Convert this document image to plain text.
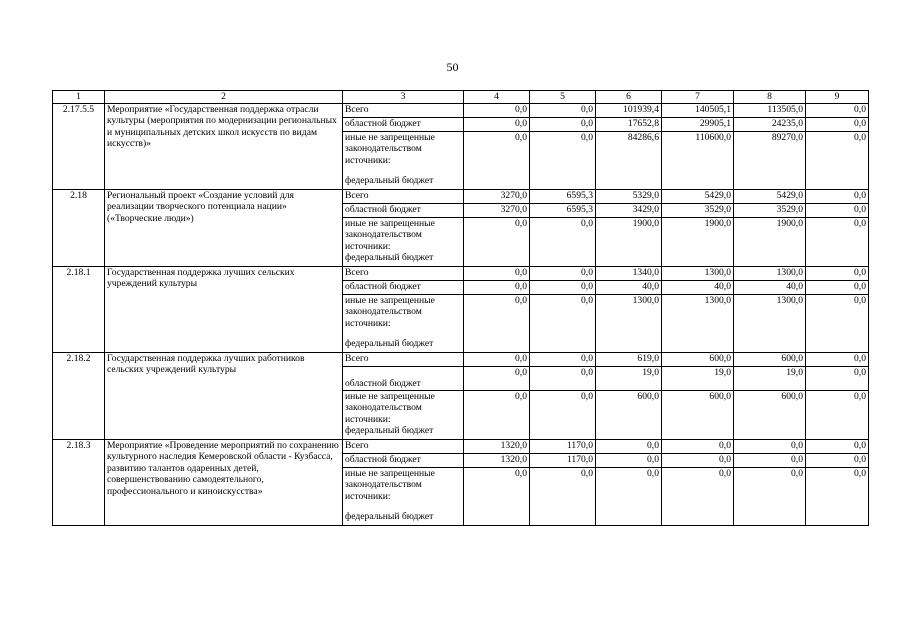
50
1	2	3	4	5	6	7	8	9
2.17.5.5	Мероприятие «Государственная поддержка отрасли культуры (мероприятия по модернизации региональных и муниципальных детских школ искусств по видам искусств)»	Всего	0,0	0,0	101939,4	140505,1	113505,0	0,0
		областной бюджет	0,0	0,0	17652,8	29905,1	24235,0	0,0
		иные не запрещенные законодательством источники:	0,0	0,0	84286,6	110600,0	89270,0	0,0
		федеральный бюджет						
2.18	Региональный проект «Создание условий для реализации творческого потенциала нации» («Творческие люди»)	Всего	3270,0	6595,3	5329,0	5429,0	5429,0	0,0
		областной бюджет	3270,0	6595,3	3429,0	3529,0	3529,0	0,0
		иные не запрещенные законодательством источники:	0,0	0,0	1900,0	1900,0	1900,0	0,0
		федеральный бюджет						
2.18.1	Государственная поддержка лучших сельских учреждений культуры	Всего	0,0	0,0	1340,0	1300,0	1300,0	0,0
		областной бюджет	0,0	0,0	40,0	40,0	40,0	0,0
		иные не запрещенные законодательством источники:	0,0	0,0	1300,0	1300,0	1300,0	0,0
		федеральный бюджет						
2.18.2	Государственная поддержка лучших работников сельских учреждений культуры	Всего	0,0	0,0	619,0	600,0	600,0	0,0
		областной бюджет	0,0	0,0	19,0	19,0	19,0	0,0
		иные не запрещенные законодательством источники:	0,0	0,0	600,0	600,0	600,0	0,0
		федеральный бюджет						
2.18.3	Мероприятие «Проведение мероприятий по сохранению культурного наследия Кемеровской области - Кузбасса, развитию талантов одаренных детей, совершенствованию самодеятельного, профессионального и киноискусства»	Всего	1320,0	1170,0	0,0	0,0	0,0	0,0
		областной бюджет	1320,0	1170,0	0,0	0,0	0,0	0,0
		иные не запрещенные законодательством источники:	0,0	0,0	0,0	0,0	0,0	0,0
		федеральный бюджет						
